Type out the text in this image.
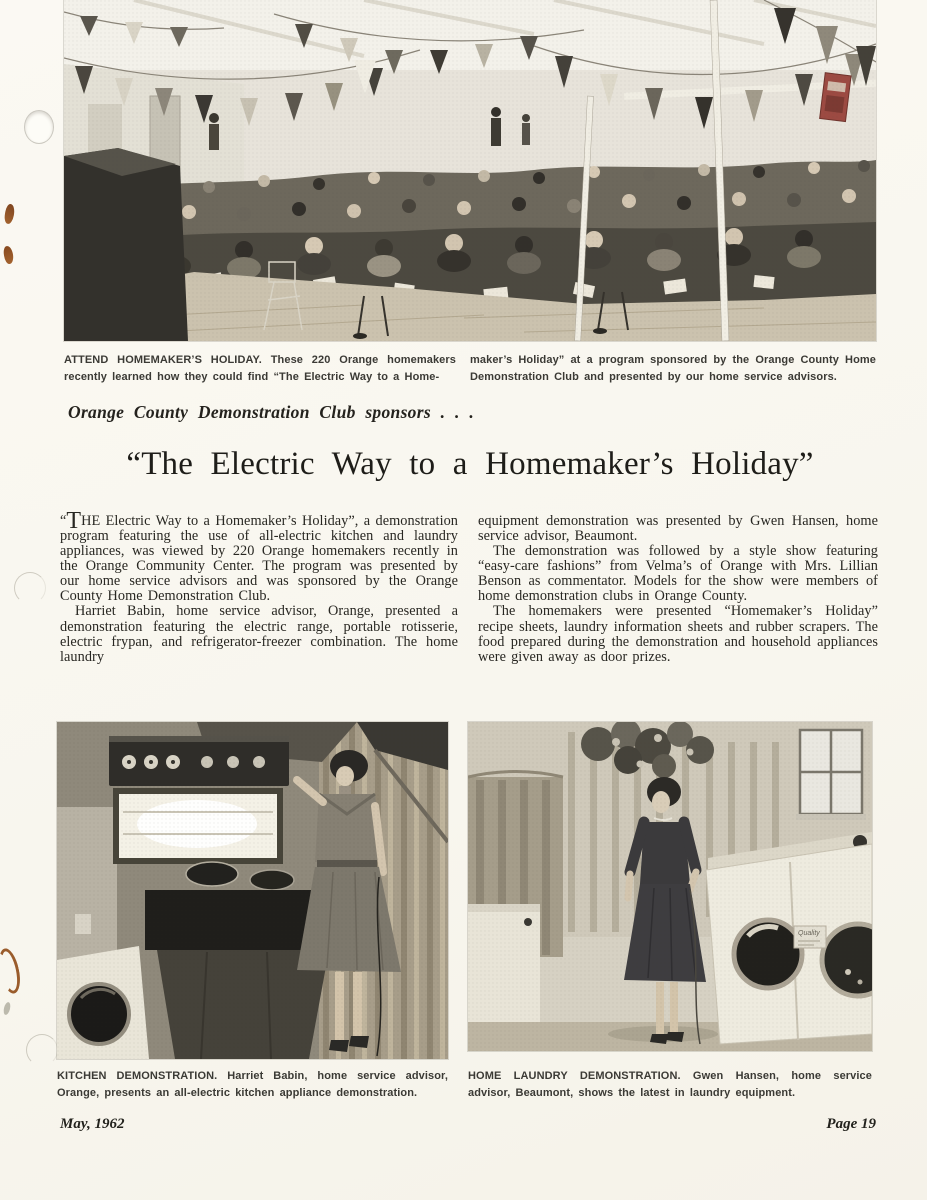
ATTEND HOMEMAKER’S HOLIDAY. These 220 Orange homemakers recently learned how they could find “The Electric Way to a Home-
maker’s Holiday” at a program sponsored by the Orange County Home Demonstration Club and presented by our home service advisors.
Orange County Demonstration Club sponsors . . .
“The Electric Way to a Homemaker’s Holiday”

“THE Electric Way to a Homemaker’s Holiday”, a demonstration program featuring the use of all-electric kitchen and laundry appliances, was viewed by 220 Orange homemakers recently in the Orange Community Center. The program was presented by our home service advisors and was sponsored by the Orange County Home Demonstration Club.

Harriet Babin, home service advisor, Orange, presented a demonstration featuring the electric range, portable rotisserie, electric frypan, and refrigerator-freezer combination. The home laundry

equipment demonstration was presented by Gwen Hansen, home service advisor, Beaumont.

The demonstration was followed by a style show featuring “easy-care fashions” from Velma’s of Orange with Mrs. Lillian Benson as commentator. Models for the show were members of home demonstration clubs in Orange County.

The homemakers were presented “Homemaker’s Holiday” recipe sheets, laundry information sheets and rubber scrapers. The food prepared during the demonstration and household appliances were given away as door prizes.

KITCHEN DEMONSTRATION. Harriet Babin, home service advisor, Orange, presents an all-electric kitchen appliance demonstration.
HOME LAUNDRY DEMONSTRATION. Gwen Hansen, home service advisor, Beaumont, shows the latest in laundry equipment.
May, 1962	Page 19
